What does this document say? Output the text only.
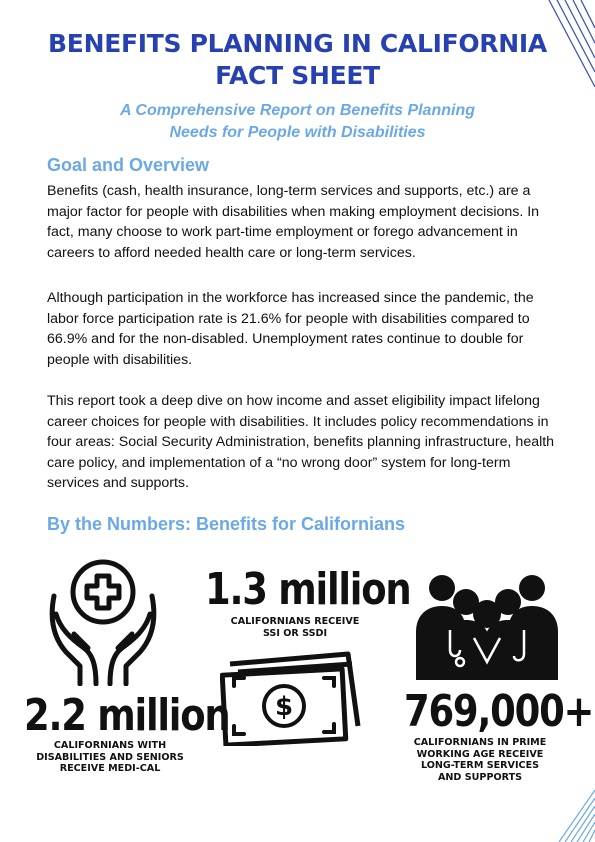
BENEFITS PLANNING IN CALIFORNIA
FACT SHEET
A Comprehensive Report on Benefits Planning
Needs for People with Disabilities
Goal and Overview

Benefits (cash, health insurance, long-term services and supports, etc.) are a major factor for people with disabilities when making employment decisions. In fact, many choose to work part-time employment or forego advancement in careers to afford needed health care or long-term services.

Although participation in the workforce has increased since the pandemic, the labor force participation rate is 21.6% for people with disabilities compared to 66.9% and for the non-disabled. Unemployment rates continue to double for people with disabilities.

This report took a deep dive on how income and asset eligibility impact lifelong career choices for people with disabilities. It includes policy recommendations in four areas: Social Security Administration, benefits planning infrastructure, health care policy, and implementation of a “no wrong door” system for long-term services and supports.

By the Numbers: Benefits for Californians
1.3 million
CALIFORNIANS RECEIVE
SSI OR SSDI
$
2.2 million
CALIFORNIANS WITH
DISABILITIES AND SENIORS
RECEIVE MEDI-CAL
769,000+
CALIFORNIANS IN PRIME
WORKING AGE RECEIVE
LONG-TERM SERVICES
AND SUPPORTS
